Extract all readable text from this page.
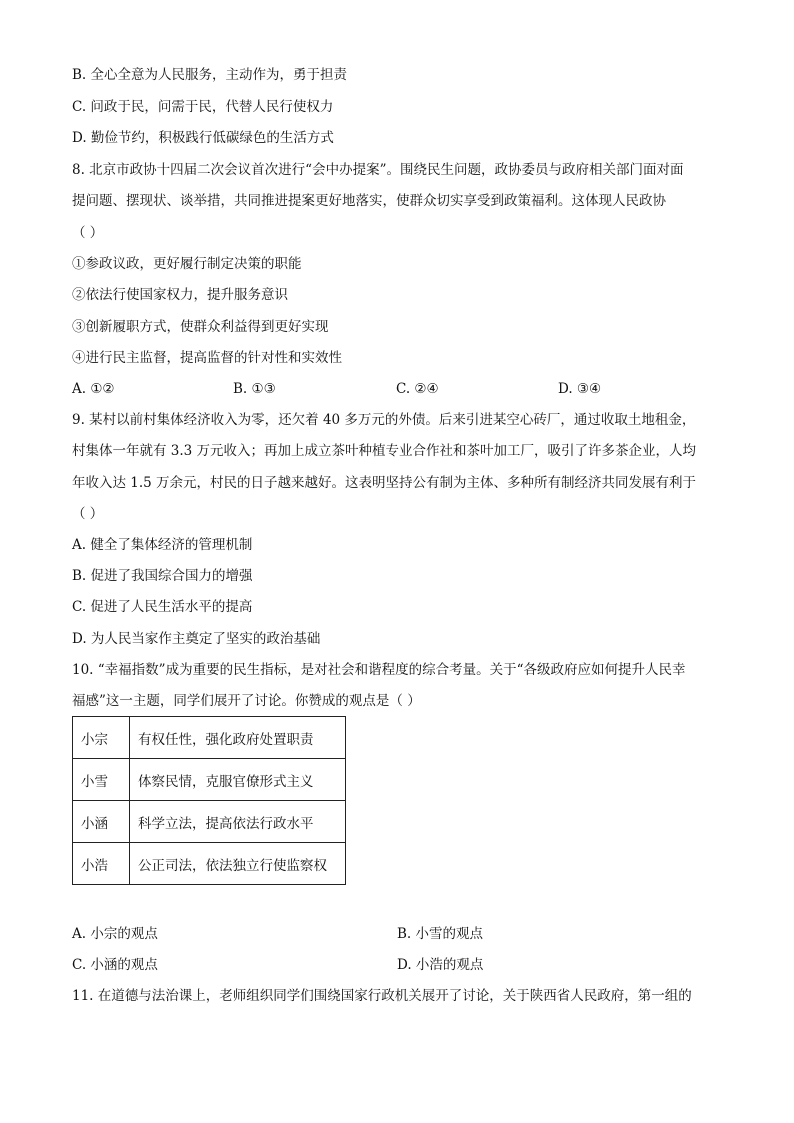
B. 全心全意为人民服务，主动作为，勇于担责
C. 问政于民，问需于民，代替人民行使权力
D. 勤俭节约，积极践行低碳绿色的生活方式
8. 北京市政协十四届二次会议首次进行“会中办提案”。围绕民生问题，政协委员与政府相关部门面对面
提问题、摆现状、谈举措，共同推进提案更好地落实，使群众切实享受到政策福利。这体现人民政协
（ ）
①参政议政，更好履行制定决策的职能
②依法行使国家权力，提升服务意识
③创新履职方式，使群众利益得到更好实现
④进行民主监督，提高监督的针对性和实效性
A. ①②	B. ①③	C. ②④	D. ③④
9. 某村以前村集体经济收入为零，还欠着 40 多万元的外债。后来引进某空心砖厂，通过收取土地租金，
村集体一年就有 3.3 万元收入；再加上成立茶叶种植专业合作社和茶叶加工厂，吸引了许多茶企业，人均
年收入达 1.5 万余元，村民的日子越来越好。这表明坚持公有制为主体、多种所有制经济共同发展有利于
（ ）
A. 健全了集体经济的管理机制
B. 促进了我国综合国力的增强
C. 促进了人民生活水平的提高
D. 为人民当家作主奠定了坚实的政治基础
10. “幸福指数”成为重要的民生指标，是对社会和谐程度的综合考量。关于“各级政府应如何提升人民幸
福感”这一主题，同学们展开了讨论。你赞成的观点是（ ）
小宗	有权任性，强化政府处置职责
小雪	体察民情，克服官僚形式主义
小涵	科学立法，提高依法行政水平
小浩	公正司法，依法独立行使监察权
A. 小宗的观点	B. 小雪的观点
C. 小涵的观点	D. 小浩的观点
11. 在道德与法治课上，老师组织同学们围绕国家行政机关展开了讨论，关于陕西省人民政府，第一组的
